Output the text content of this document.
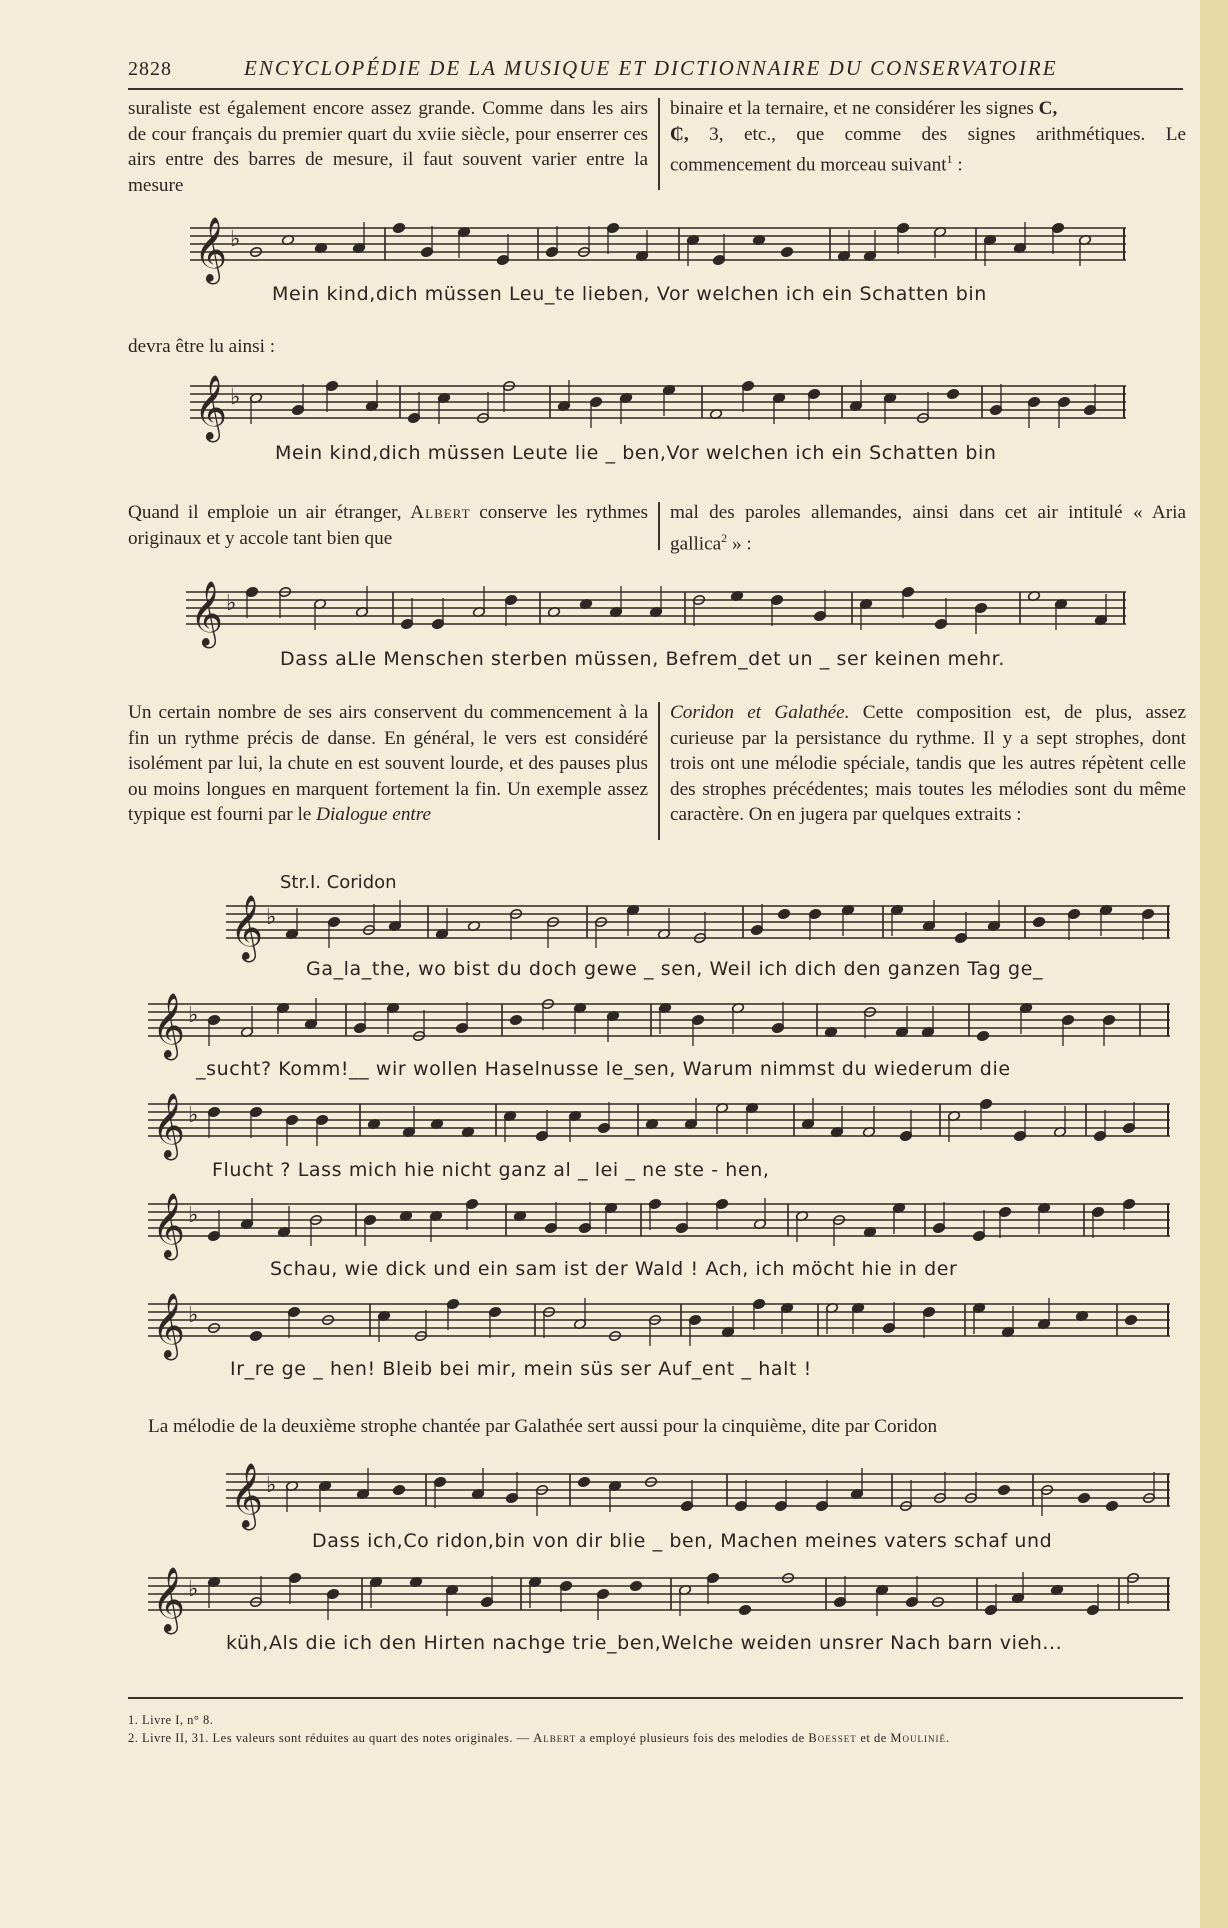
2828	ENCYCLOPÉDIE DE LA MUSIQUE ET DICTIONNAIRE DU CONSERVATOIRE

suraliste est également encore assez grande. Comme dans les airs de cour français du premier quart du xviie siècle, pour enserrer ces airs entre des barres de mesure, il faut souvent varier entre la mesure

binaire et la ternaire, et ne considérer les signes C,
₵, 3, etc., que comme des signes arithmétiques. Le commencement du morceau suivant$^1$ :

𝄞 ♭
Mein kind,dich müssen Leu_te lieben, Vor welchen ich ein Schatten bin
devra être lu ainsi :
𝄞 ♭
Mein kind,dich müssen Leute lie _ ben,Vor welchen ich ein Schatten bin

Quand il emploie un air étranger, Albert conserve les rythmes originaux et y accole tant bien que

mal des paroles allemandes, ainsi dans cet air intitulé « Aria gallica$^2$ » :

𝄞 ♭
Dass aLle Menschen sterben müssen, Befrem_det un _ ser keinen mehr.

Un certain nombre de ses airs conservent du commencement à la fin un rythme précis de danse. En général, le vers est considéré isolément par lui, la chute en est souvent lourde, et des pauses plus ou moins longues en marquent fortement la fin. Un exemple assez typique est fourni par le Dialogue entre

Coridon et Galathée. Cette composition est, de plus, assez curieuse par la persistance du rythme. Il y a sept strophes, dont trois ont une mélodie spéciale, tandis que les autres répètent celle des strophes précédentes; mais toutes les mélodies sont du même caractère. On en jugera par quelques extraits :

Str.I. Coridon
𝄞 ♭
Ga_la_the, wo bist du doch gewe _ sen, Weil ich dich den ganzen Tag ge_
𝄞 ♭
_sucht? Komm!__ wir wollen Haselnusse le_sen, Warum nimmst du wiederum die
𝄞 ♭
Flucht ? Lass mich hie nicht ganz al _ lei _ ne ste - hen,
𝄞 ♭
Schau, wie dick und ein sam ist der Wald ! Ach, ich möcht hie in der
𝄞 ♭
Ir_re ge _ hen! Bleib bei mir, mein süs ser Auf_ent _ halt !
La mélodie de la deuxième strophe chantée par Galathée sert aussi pour la cinquième, dite par Coridon
𝄞 ♭
Dass ich,Co ridon,bin von dir blie _ ben, Machen meines vaters schaf und
𝄞 ♭
küh,Als die ich den Hirten nachge trie_ben,Welche weiden unsrer Nach barn vieh...
1. Livre I, n° 8.
2. Livre II, 31. Les valeurs sont réduites au quart des notes originales. — Albert a employé plusieurs fois des melodies de Boesset et de Moulinié.
